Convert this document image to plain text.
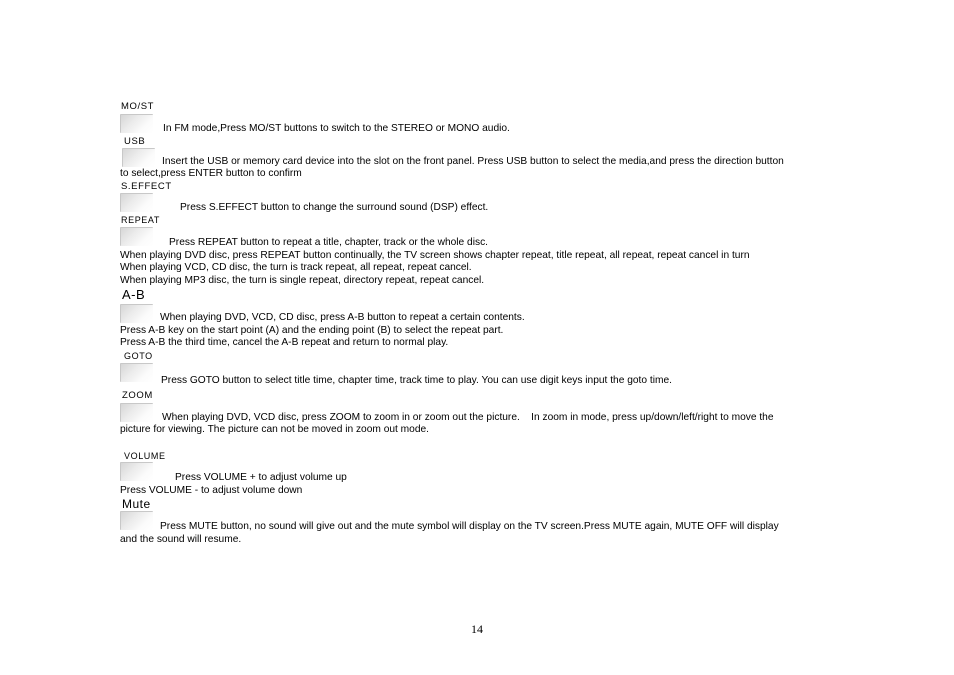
MO/ST
In FM mode,Press MO/ST buttons to switch to the STEREO or MONO audio.
USB
Insert the USB or memory card device into the slot on the front panel. Press USB button to select the media,and press the direction button
to select,press ENTER button to confirm
S.EFFECT
Press S.EFFECT button to change the surround sound (DSP) effect.
REPEAT
Press REPEAT button to repeat a title, chapter, track or the whole disc.
When playing DVD disc, press REPEAT button continually, the TV screen shows chapter repeat, title repeat, all repeat, repeat cancel in turn
When playing VCD, CD disc, the turn is track repeat, all repeat, repeat cancel.
When playing MP3 disc, the turn is single repeat, directory repeat, repeat cancel.
A-B
When playing DVD, VCD, CD disc, press A-B button to repeat a certain contents.
Press A-B key on the start point (A) and the ending point (B) to select the repeat part.
Press A-B the third time, cancel the A-B repeat and return to normal play.
GOTO
Press GOTO button to select title time, chapter time, track time to play. You can use digit keys input the goto time.
ZOOM
When playing DVD, VCD disc, press ZOOM to zoom in or zoom out the picture.    In zoom in mode, press up/down/left/right to move the
picture for viewing. The picture can not be moved in zoom out mode.
VOLUME
Press VOLUME + to adjust volume up
Press VOLUME - to adjust volume down
Mute
Press MUTE button, no sound will give out and the mute symbol will display on the TV screen.Press MUTE again, MUTE OFF will display
and the sound will resume.
14
